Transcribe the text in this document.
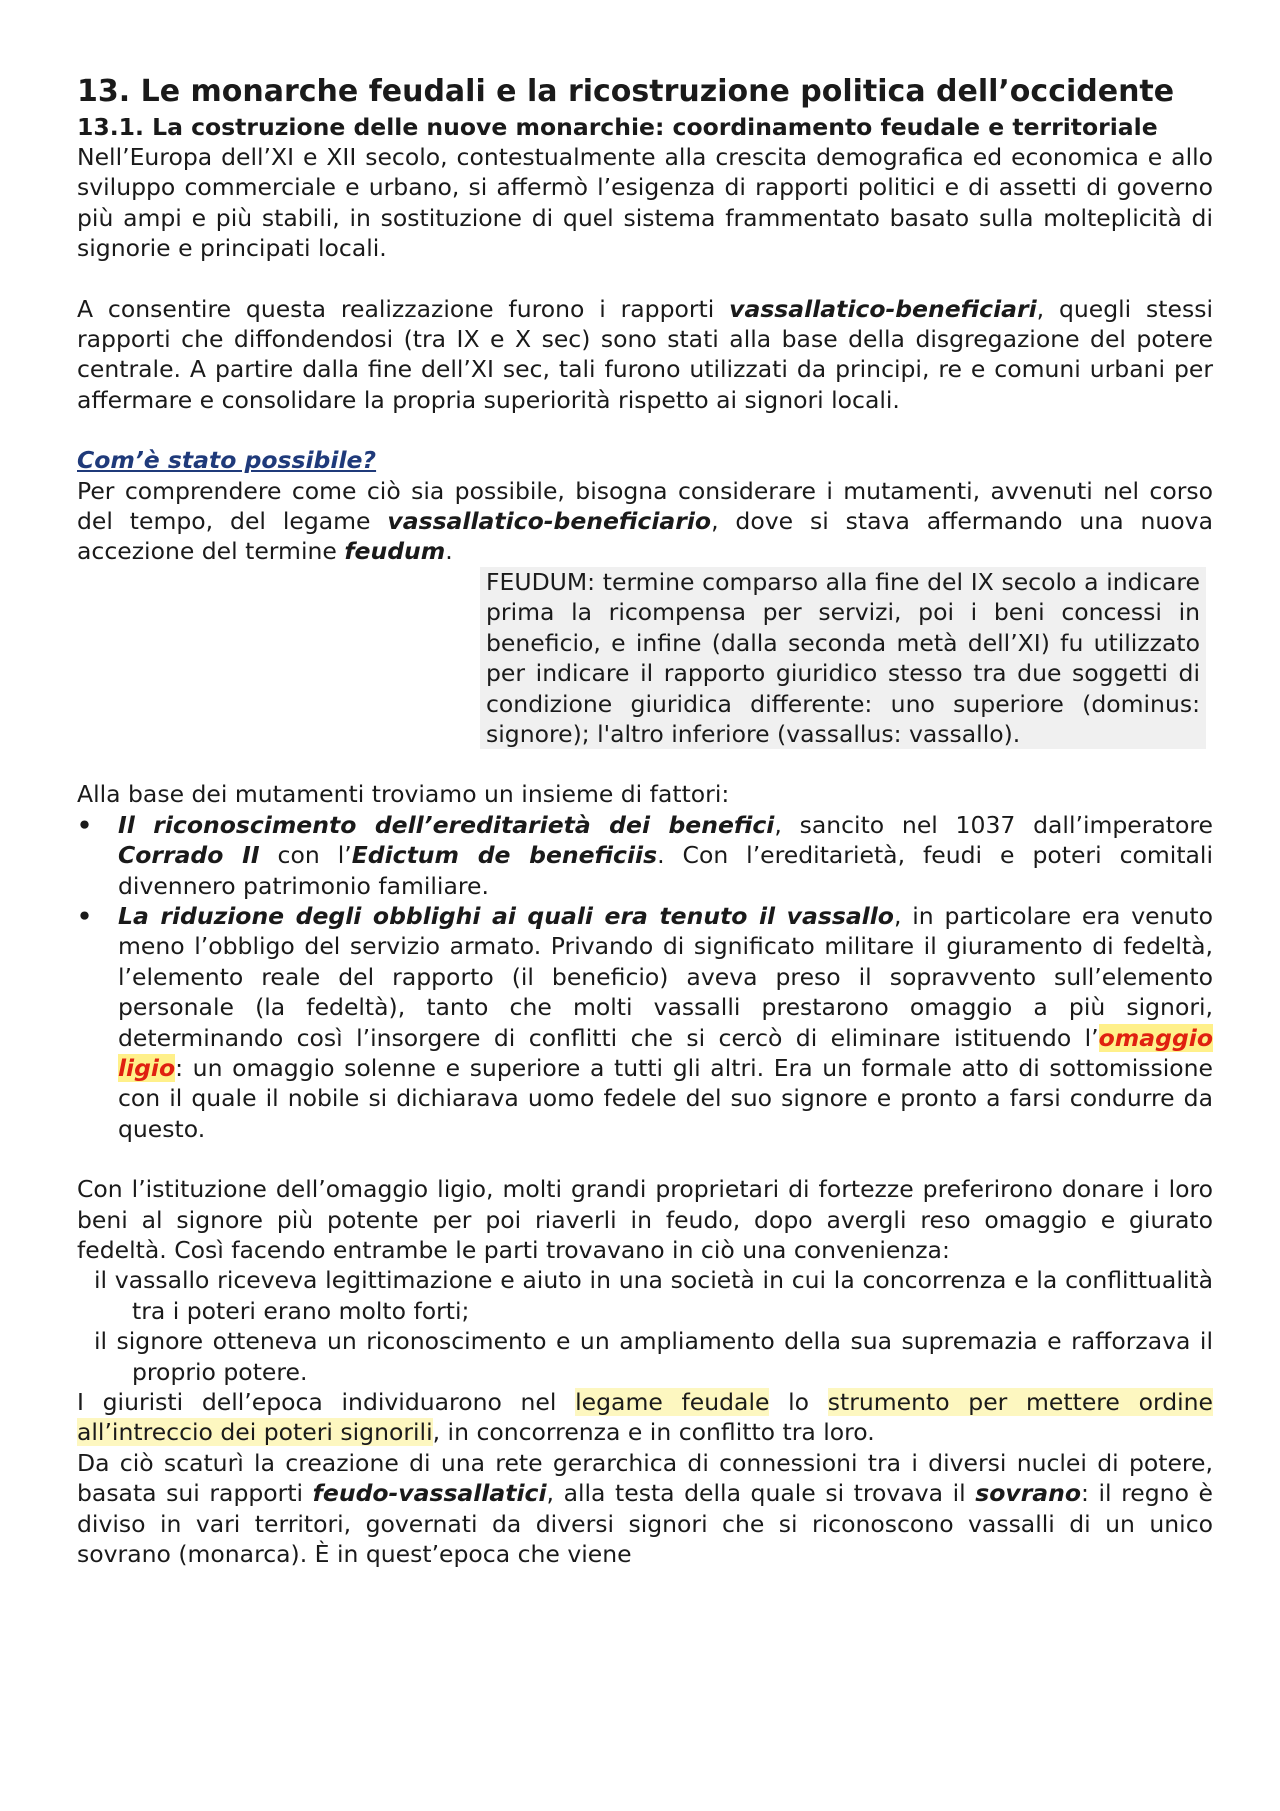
13. Le monarche feudali e la ricostruzione politica dell’occidente
13.1. La costruzione delle nuove monarchie: coordinamento feudale e territoriale

Nell’Europa dell’XI e XII secolo, contestualmente alla crescita demografica ed economica e allo sviluppo commerciale e urbano, si affermò l’esigenza di rapporti politici e di assetti di governo più ampi e più stabili, in sostituzione di quel sistema frammentato basato sulla molteplicità di signorie e principati locali.

A consentire questa realizzazione furono i rapporti vassallatico-beneficiari, quegli stessi rapporti che diffondendosi (tra IX e X sec) sono stati alla base della disgregazione del potere centrale. A partire dalla fine dell’XI sec, tali furono utilizzati da principi, re e comuni urbani per affermare e consolidare la propria superiorità rispetto ai signori locali.

Com’è stato possibile?

Per comprendere come ciò sia possibile, bisogna considerare i mutamenti, avvenuti nel corso del tempo, del legame vassallatico-beneficiario, dove si stava affermando una nuova accezione del termine feudum.

FEUDUM: termine comparso alla fine del IX secolo a indicare prima la ricompensa per servizi, poi i beni concessi in beneficio, e infine (dalla seconda metà dell’XI) fu utilizzato per indicare il rapporto giuridico stesso tra due soggetti di condizione giuridica differente: uno superiore (dominus: signore); l'altro inferiore (vassallus: vassallo).

Alla base dei mutamenti troviamo un insieme di fattori:

• Il riconoscimento dell’ereditarietà dei benefici, sancito nel 1037 dall’imperatore Corrado II con l’Edictum de beneficiis. Con l’ereditarietà, feudi e poteri comitali divennero patrimonio familiare.
• La riduzione degli obblighi ai quali era tenuto il vassallo, in particolare era venuto meno l’obbligo del servizio armato. Privando di significato militare il giuramento di fedeltà, l’elemento reale del rapporto (il beneficio) aveva preso il sopravvento sull’elemento personale (la fedeltà), tanto che molti vassalli prestarono omaggio a più signori, determinando così l’insorgere di conflitti che si cercò di eliminare istituendo l’omaggio ligio: un omaggio solenne e superiore a tutti gli altri. Era un formale atto di sottomissione con il quale il nobile si dichiarava uomo fedele del suo signore e pronto a farsi condurre da questo.

Con l’istituzione dell’omaggio ligio, molti grandi proprietari di fortezze preferirono donare i loro beni al signore più potente per poi riaverli in feudo, dopo avergli reso omaggio e giurato fedeltà. Così facendo entrambe le parti trovavano in ciò una convenienza:

il vassallo riceveva legittimazione e aiuto in una società in cui la concorrenza e la conflittualità tra i poteri erano molto forti;
il signore otteneva un riconoscimento e un ampliamento della sua supremazia e rafforzava il proprio potere.

I giuristi dell’epoca individuarono nel legame feudale lo strumento per mettere ordine all’intreccio dei poteri signorili, in concorrenza e in conflitto tra loro.

Da ciò scaturì la creazione di una rete gerarchica di connessioni tra i diversi nuclei di potere, basata sui rapporti feudo-vassallatici, alla testa della quale si trovava il sovrano: il regno è diviso in vari territori, governati da diversi signori che si riconoscono vassalli di un unico sovrano (monarca). È in quest’epoca che viene
